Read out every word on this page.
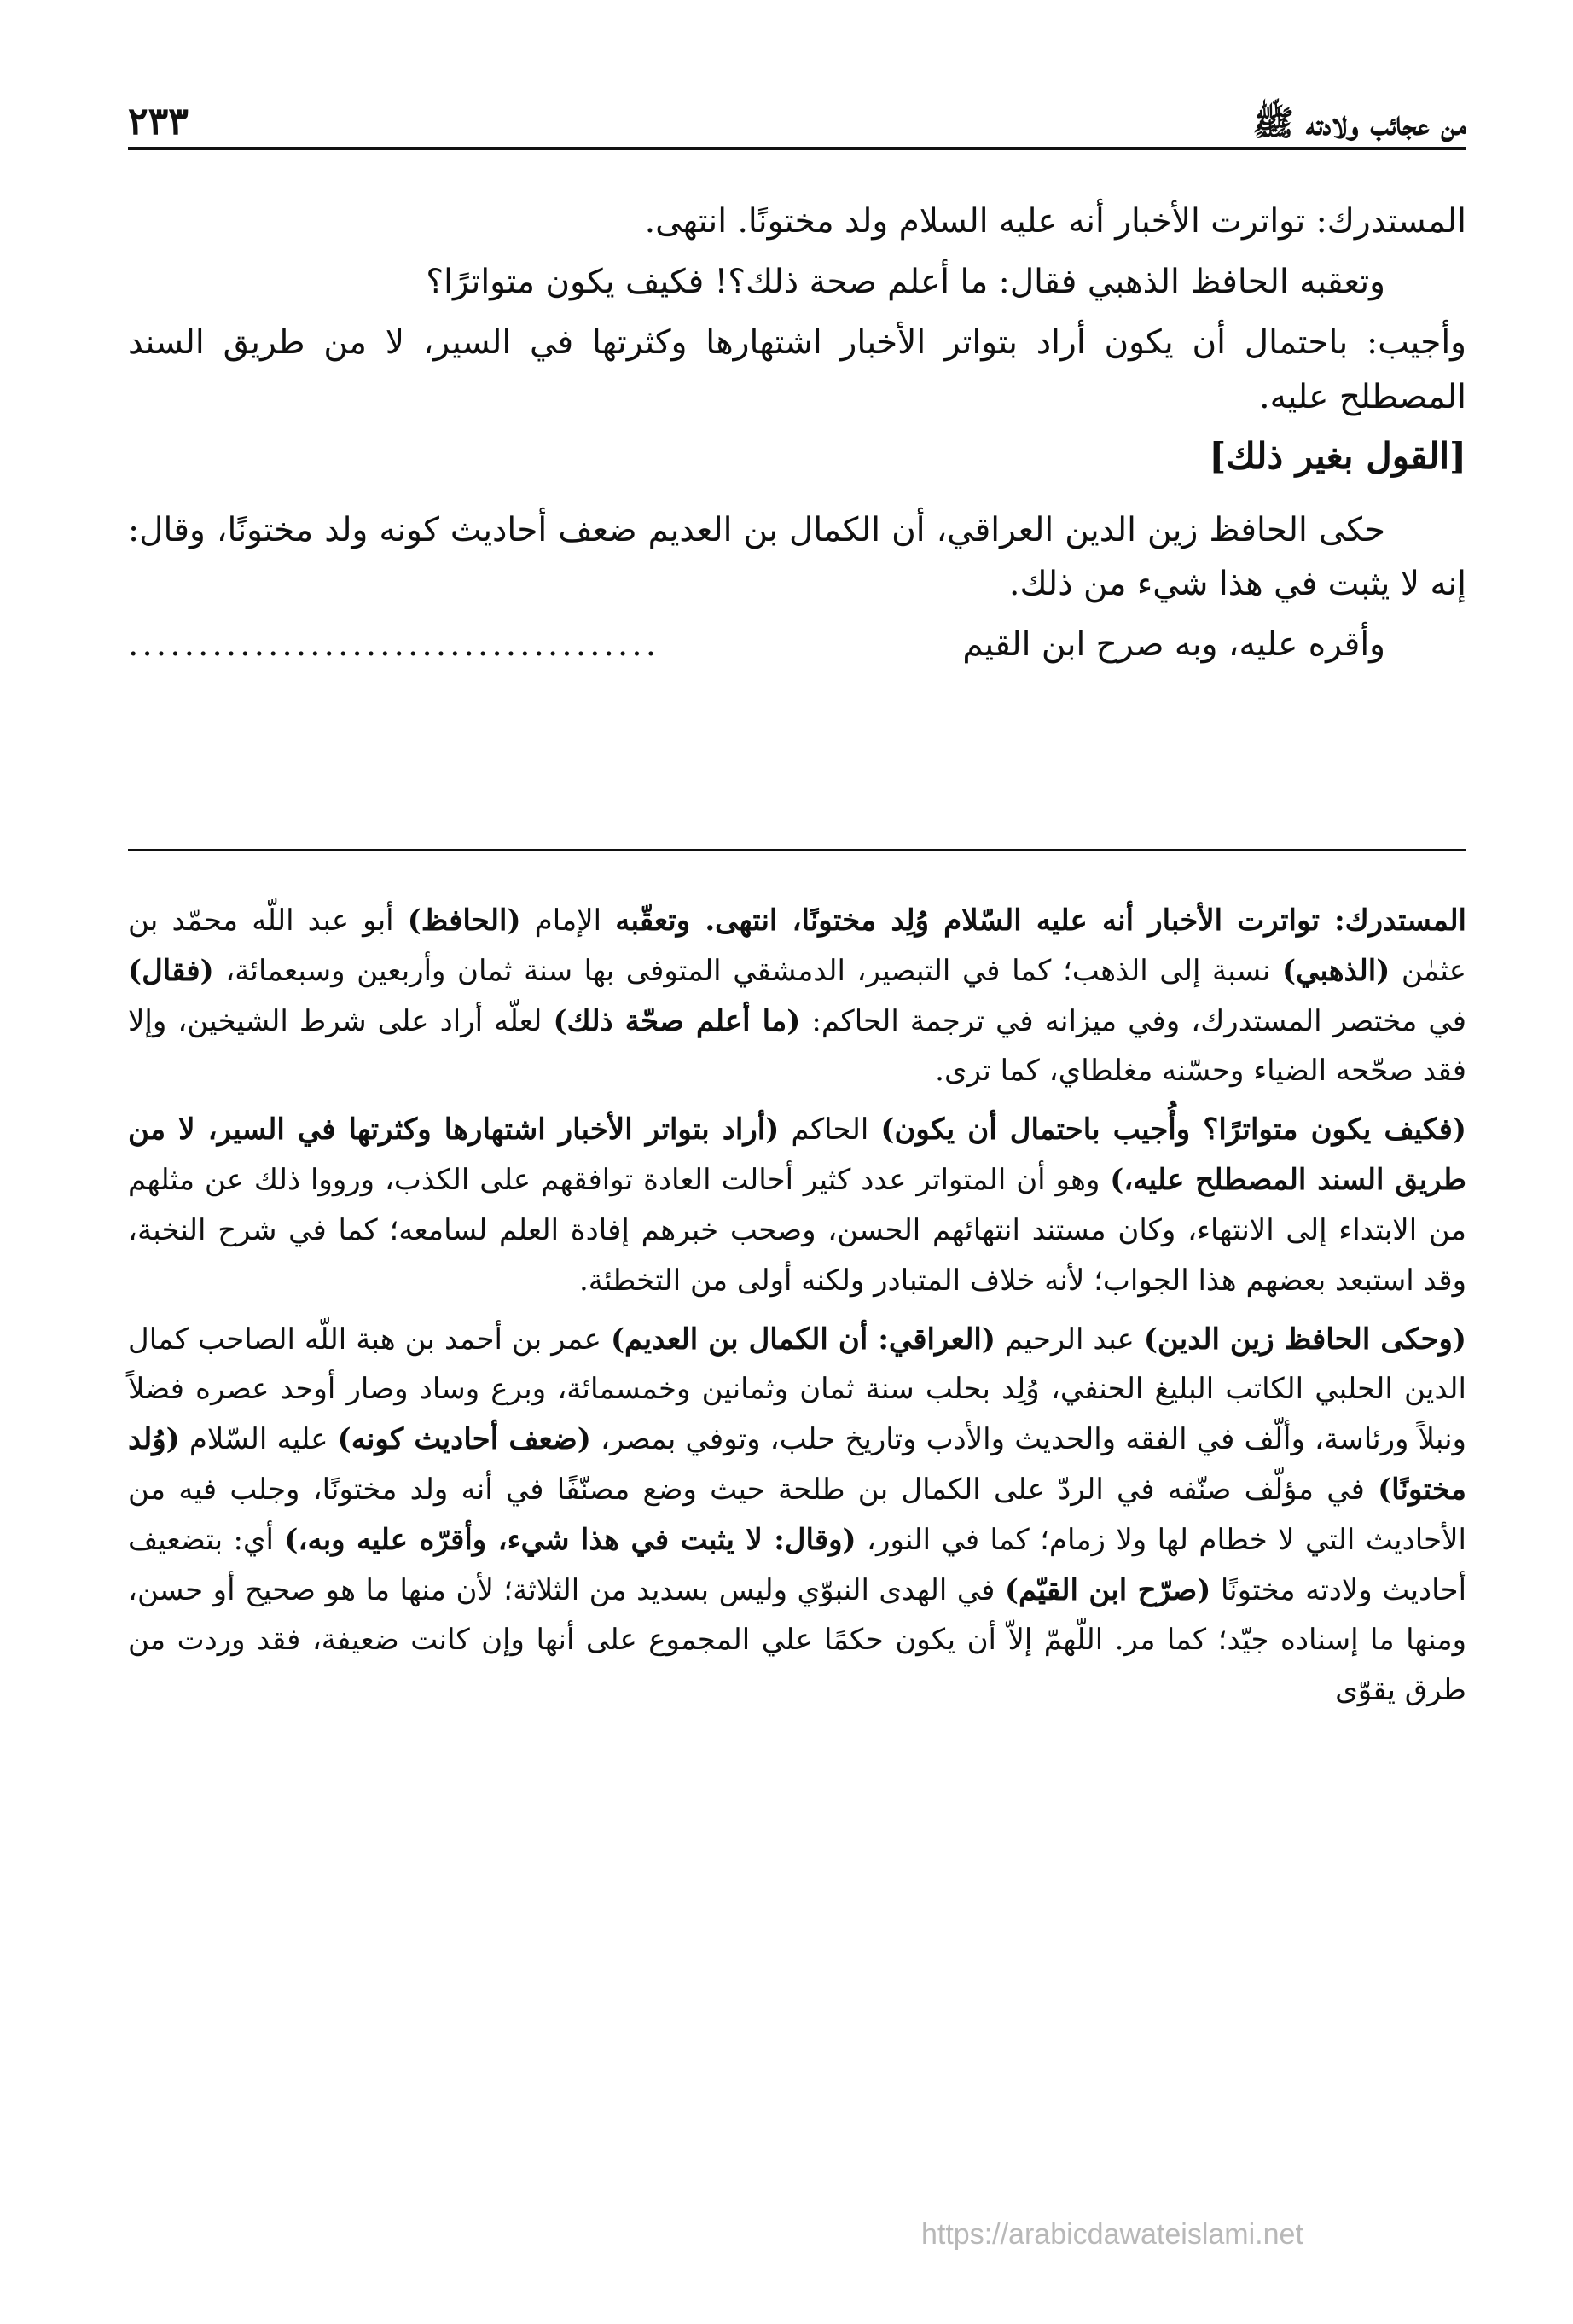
من عجائب ولادته ﷺ
٢٣٣

المستدرك: تواترت الأخبار أنه عليه السلام ولد مختونًا. انتهى.

وتعقبه الحافظ الذهبي فقال: ما أعلم صحة ذلك؟! فكيف يكون متواترًا؟

وأجيب: باحتمال أن يكون أراد بتواتر الأخبار اشتهارها وكثرتها في السير، لا من طريق السند المصطلح عليه.

[القول بغير ذلك]

حكى الحافظ زين الدين العراقي، أن الكمال بن العديم ضعف أحاديث كونه ولد مختونًا، وقال: إنه لا يثبت في هذا شيء من ذلك.

وأقره عليه، وبه صرح ابن القيم
......................................

المستدرك: تواترت الأخبار أنه عليه السّلام وُلِد مختونًا، انتهى. وتعقّبه الإمام (الحافظ) أبو عبد اللّه محمّد بن عثمٰن (الذهبي) نسبة إلى الذهب؛ كما في التبصير، الدمشقي المتوفى بها سنة ثمان وأربعين وسبعمائة، (فقال) في مختصر المستدرك، وفي ميزانه في ترجمة الحاكم: (ما أعلم صحّة ذلك) لعلّه أراد على شرط الشيخين، وإلا فقد صحّحه الضياء وحسّنه مغلطاي، كما ترى.

(فكيف يكون متواترًا؟ وأُجيب باحتمال أن يكون) الحاكم (أراد بتواتر الأخبار اشتهارها وكثرتها في السير، لا من طريق السند المصطلح عليه،) وهو أن المتواتر عدد كثير أحالت العادة توافقهم على الكذب، ورووا ذلك عن مثلهم من الابتداء إلى الانتهاء، وكان مستند انتهائهم الحسن، وصحب خبرهم إفادة العلم لسامعه؛ كما في شرح النخبة، وقد استبعد بعضهم هذا الجواب؛ لأنه خلاف المتبادر ولكنه أولى من التخطئة.

(وحكى الحافظ زين الدين) عبد الرحيم (العراقي: أن الكمال بن العديم) عمر بن أحمد بن هبة اللّه الصاحب كمال الدين الحلبي الكاتب البليغ الحنفي، وُلِد بحلب سنة ثمان وثمانين وخمسمائة، وبرع وساد وصار أوحد عصره فضلاً ونبلاً ورئاسة، وألّف في الفقه والحديث والأدب وتاريخ حلب، وتوفي بمصر، (ضعف أحاديث كونه) عليه السّلام (وُلد مختونًا) في مؤلّف صنّفه في الردّ على الكمال بن طلحة حيث وضع مصنّفًا في أنه ولد مختونًا، وجلب فيه من الأحاديث التي لا خطام لها ولا زمام؛ كما في النور، (وقال: لا يثبت في هذا شيء، وأقرّه عليه وبه،) أي: بتضعيف أحاديث ولادته مختونًا (صرّح ابن القيّم) في الهدى النبوّي وليس بسديد من الثلاثة؛ لأن منها ما هو صحيح أو حسن، ومنها ما إسناده جيّد؛ كما مر. اللّهمّ إلاّ أن يكون حكمًا علي المجموع على أنها وإن كانت ضعيفة، فقد وردت من طرق يقوّى

https://arabicdawateislami.net
